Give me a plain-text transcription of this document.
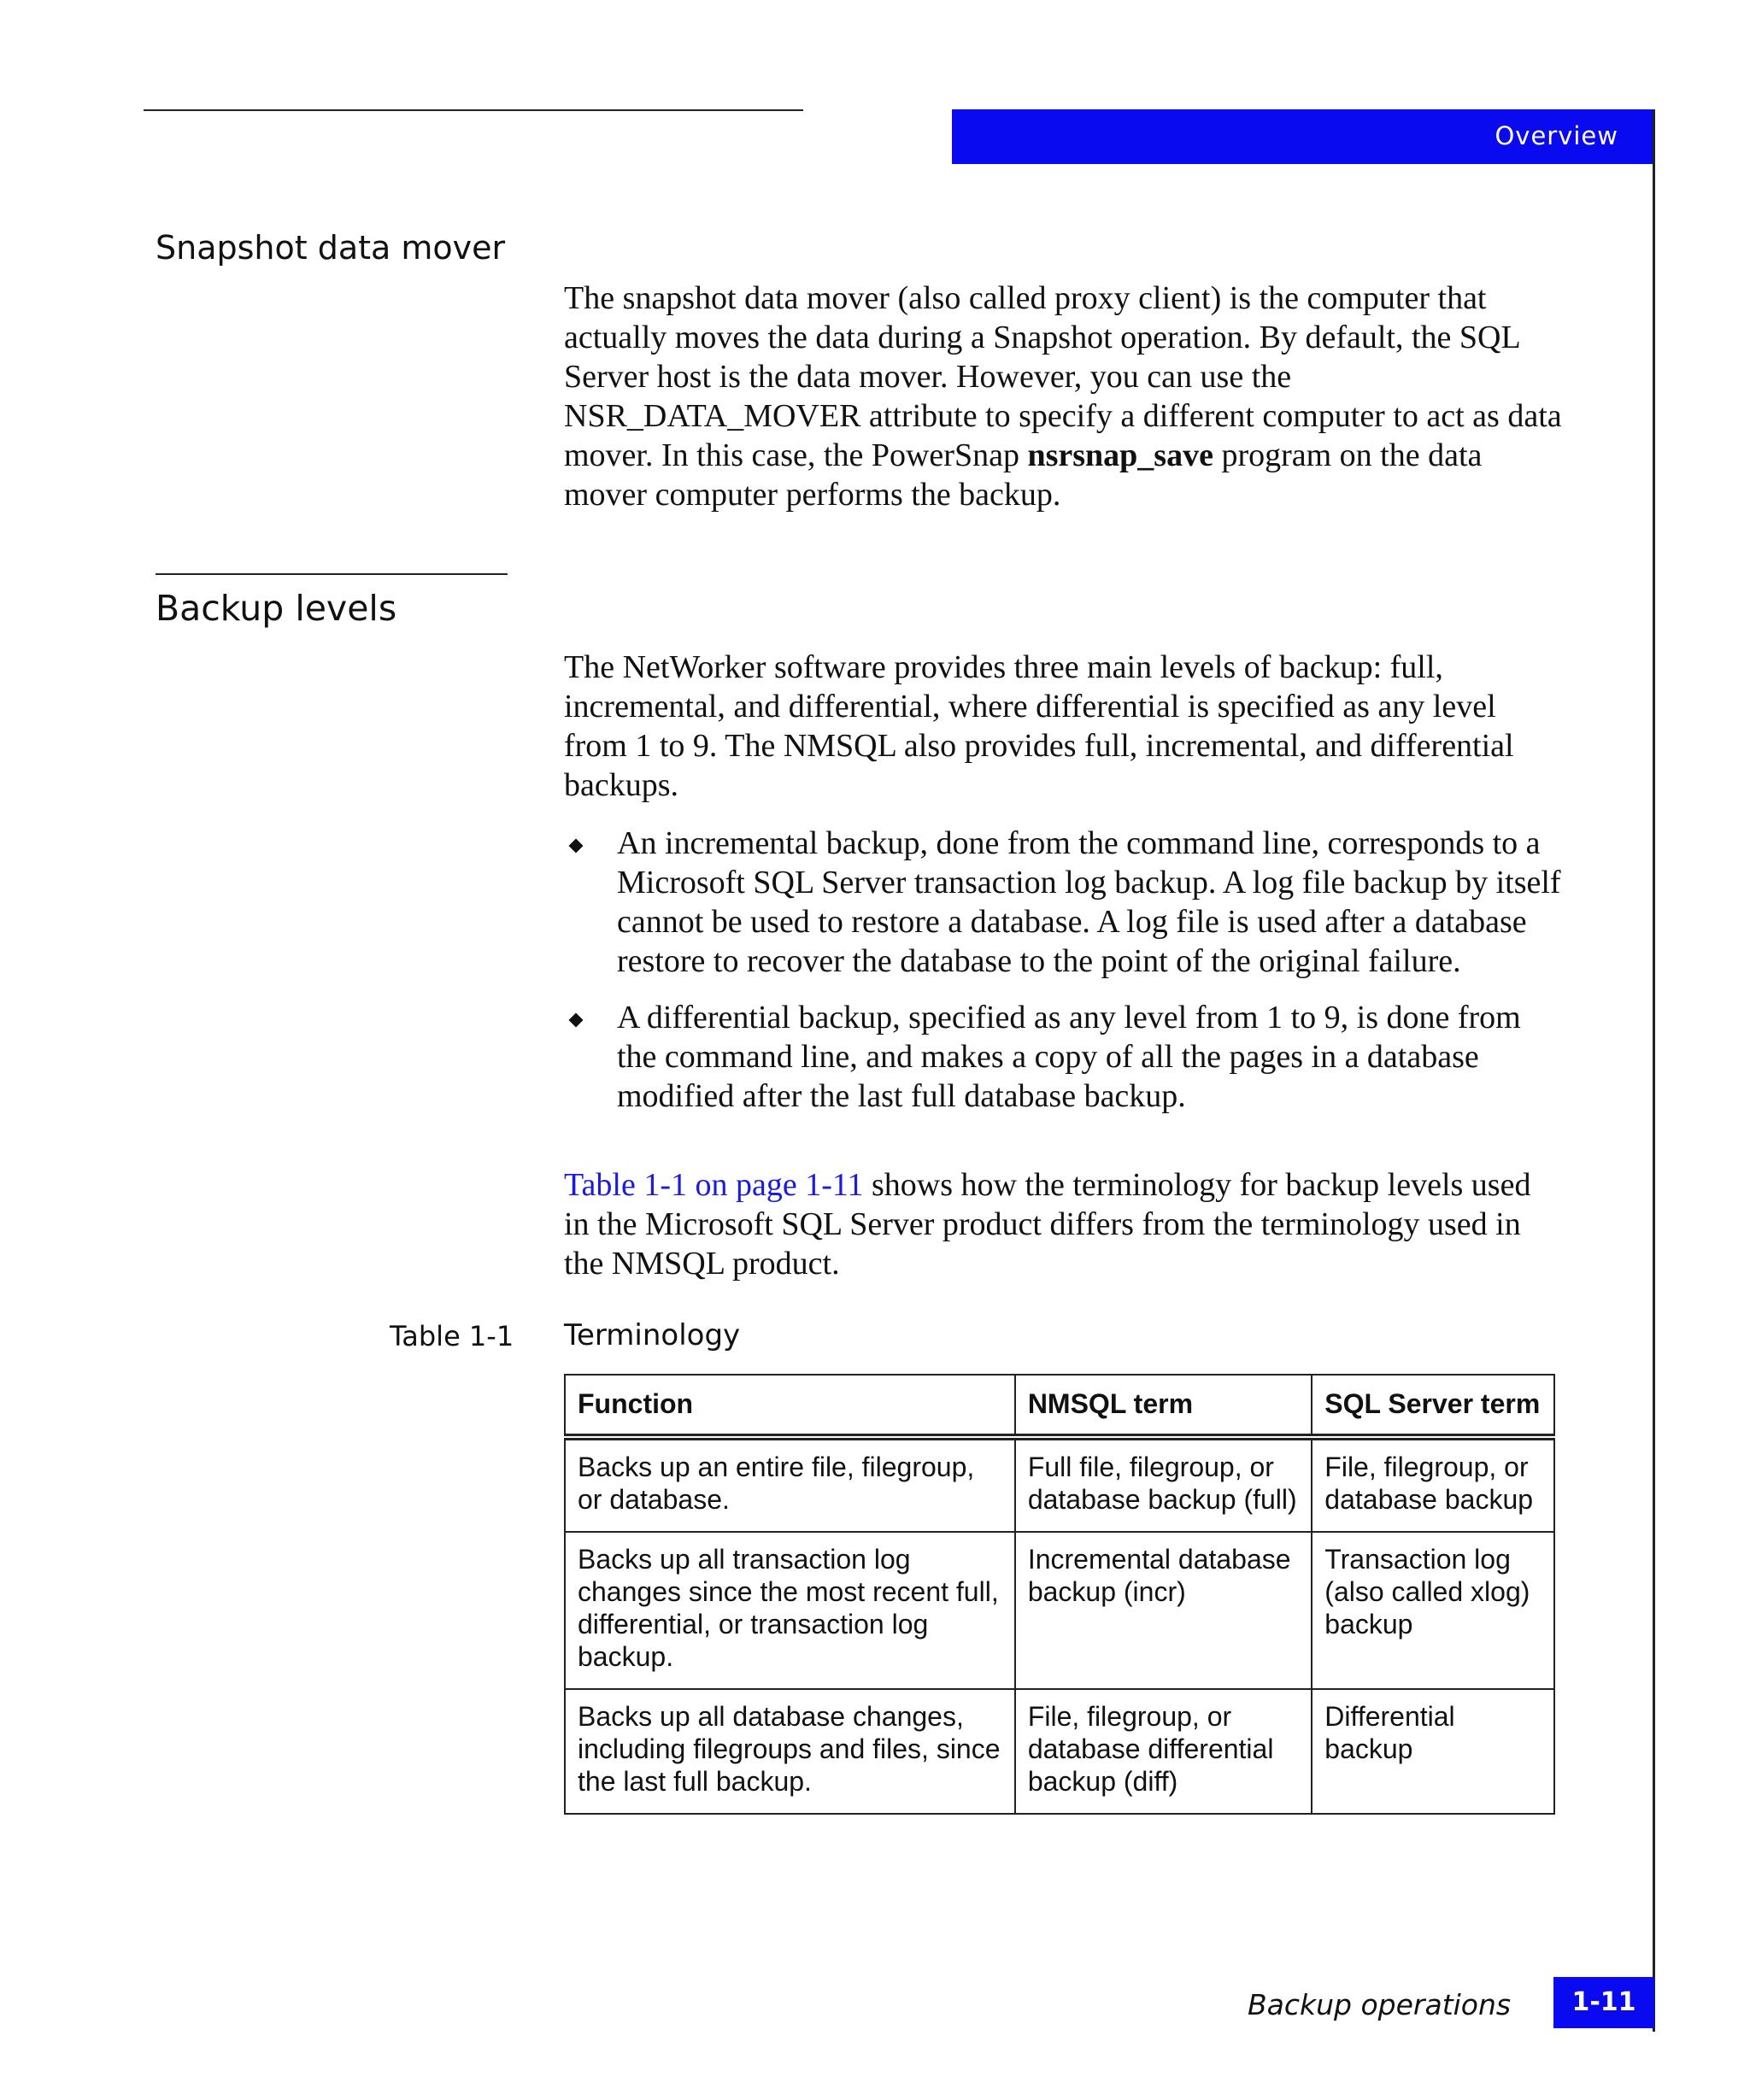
Overview
Snapshot data mover
The snapshot data mover (also called proxy client) is the computer that actually moves the data during a Snapshot operation. By default, the SQL Server host is the data mover. However, you can use the NSR_DATA_MOVER attribute to specify a different computer to act as data mover. In this case, the PowerSnap nsrsnap_save program on the data mover computer performs the backup.
Backup levels
The NetWorker software provides three main levels of backup: full, incremental, and differential, where differential is specified as any level from 1 to 9. The NMSQL also provides full, incremental, and differential backups.
An incremental backup, done from the command line, corresponds to a Microsoft SQL Server transaction log backup. A log file backup by itself cannot be used to restore a database. A log file is used after a database restore to recover the database to the point of the original failure.
A differential backup, specified as any level from 1 to 9, is done from the command line, and makes a copy of all the pages in a database modified after the last full database backup.
Table 1-1 on page 1-11 shows how the terminology for backup levels used in the Microsoft SQL Server product differs from the terminology used in the NMSQL product.
Table 1-1 Terminology
Function	NMSQL term	SQL Server term
Backs up an entire file, filegroup, or database.	Full file, filegroup, or database backup (full)	File, filegroup, or database backup
Backs up all transaction log changes since the most recent full, differential, or transaction log backup.	Incremental database backup (incr)	Transaction log (also called xlog) backup
Backs up all database changes, including filegroups and files, since the last full backup.	File, filegroup, or database differential backup (diff)	Differential backup
Backup operations	1-11
